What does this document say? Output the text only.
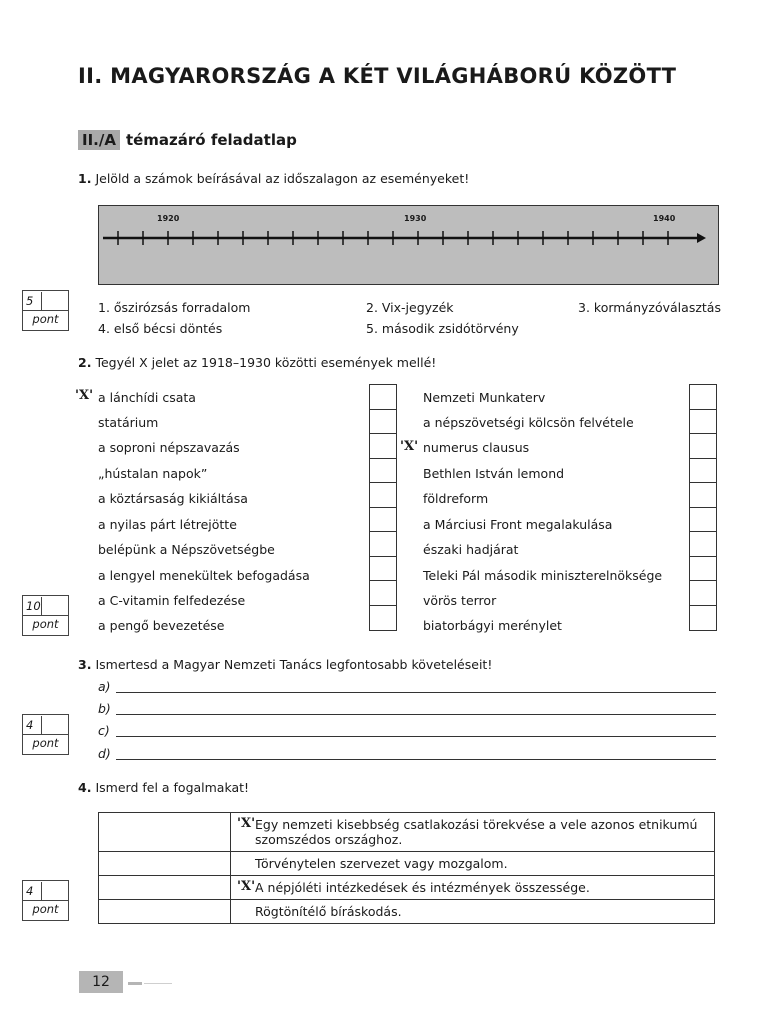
II. MAGYARORSZÁG A KÉT VILÁGHÁBORÚ KÖZÖTT
II./A témazáró feladatlap
1. Jelöld a számok beírásával az időszalagon az eseményeket!
1920	1930	1940
5
pont
1. őszirózsás forradalom	2. Vix-jegyzék	3. kormányzóválasztás
4. első bécsi döntés	5. második zsidótörvény
2. Tegyél X jelet az 1918–1930 közötti események mellé!
'X' a lánchídi csata
statárium
a soproni népszavazás
„hústalan napok”
a köztársaság kikiáltása
a nyilas párt létrejötte
belépünk a Népszövetségbe
a lengyel menekültek befogadása
a C-vitamin felfedezése
a pengő bevezetése
Nemzeti Munkaterv
a népszövetségi kölcsön felvétele
'X' numerus clausus
Bethlen István lemond
földreform
a Márciusi Front megalakulása
északi hadjárat
Teleki Pál második miniszterelnöksége
vörös terror
biatorbágyi merénylet
10
pont
3. Ismertesd a Magyar Nemzeti Tanács legfontosabb követeléseit!
a)
b)
c)
d)
4
pont
4. Ismerd fel a fogalmakat!

	'X' Egy nemzeti kisebbség csatlakozási törekvése a vele azonos etnikumú szomszédos országhoz.
	Törvénytelen szervezet vagy mozgalom.

	'X' A népjóléti intézkedések és intézmények összessége.
	Rögtönítélő bíráskodás.
4
pont
12
